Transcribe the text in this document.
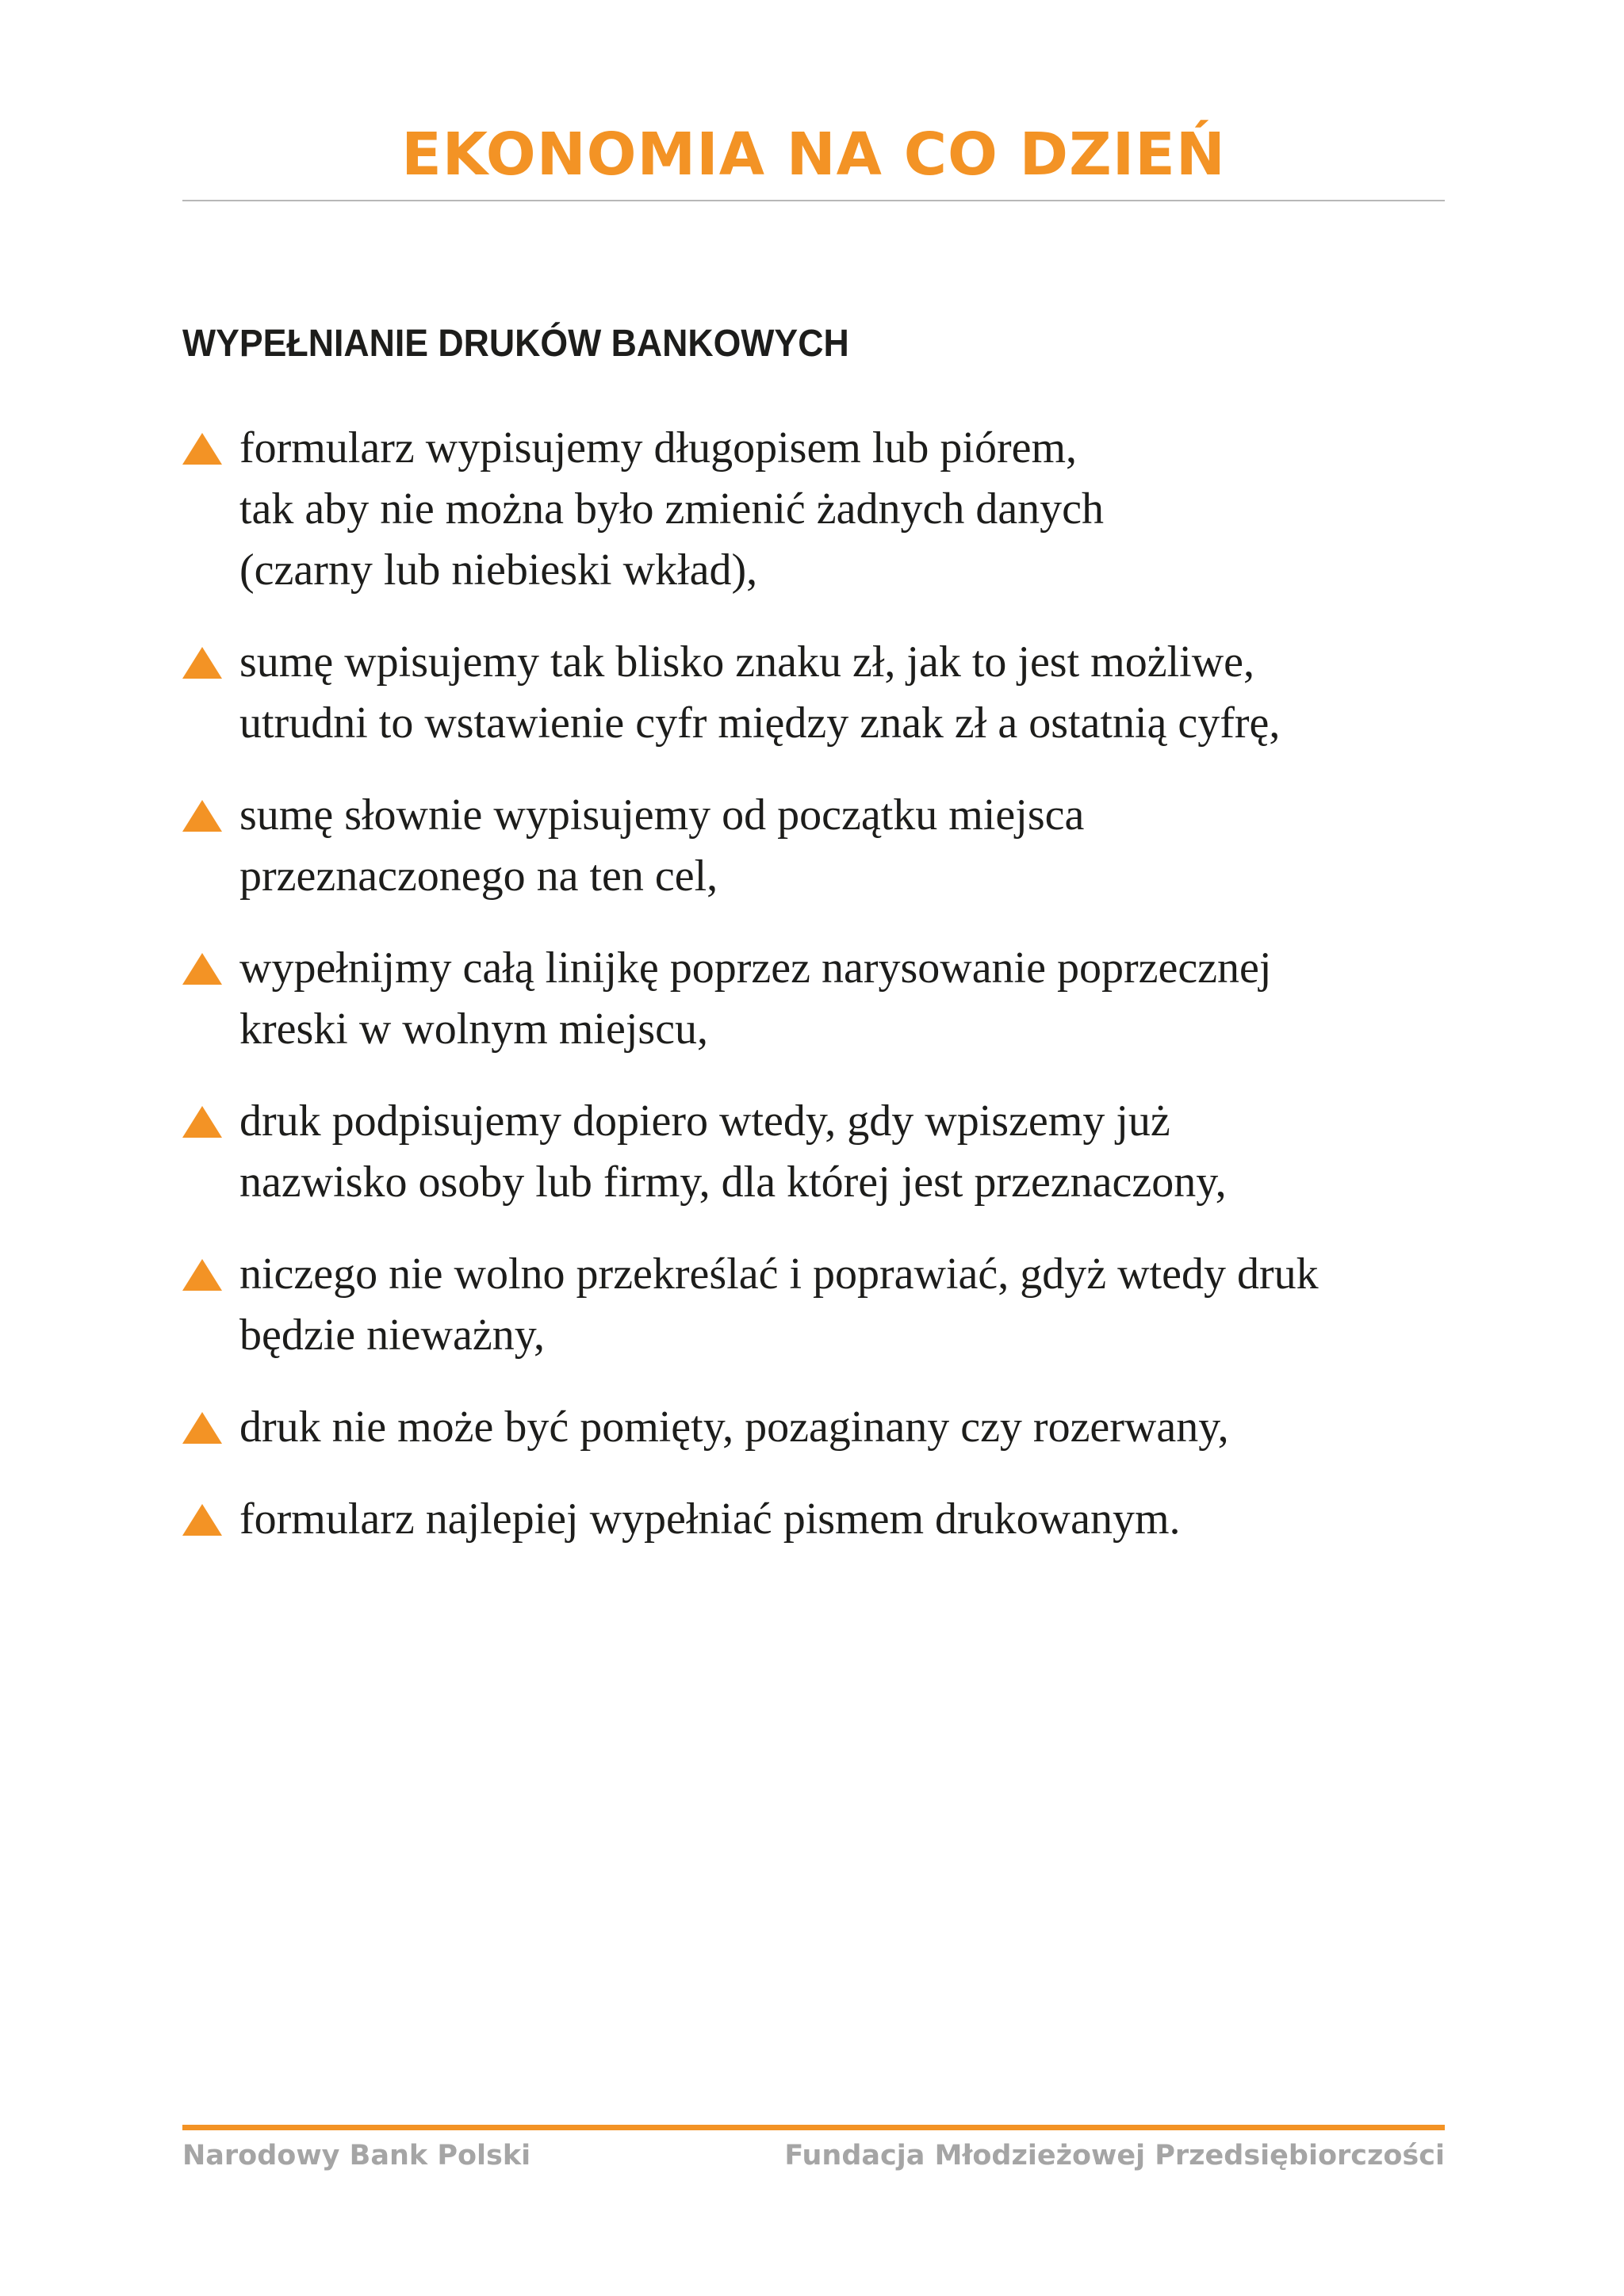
EKONOMIA NA CO DZIEŃ
WYPEŁNIANIE DRUKÓW BANKOWYCH
formularz wypisujemy długopisem lub piórem,
tak aby nie można było zmienić żadnych danych
(czarny lub niebieski wkład),
sumę wpisujemy tak blisko znaku zł, jak to jest możliwe,
utrudni to wstawienie cyfr między znak zł a ostatnią cyfrę,
sumę słownie wypisujemy od początku miejsca
przeznaczonego na ten cel,
wypełnijmy całą linijkę poprzez narysowanie poprzecznej
kreski w wolnym miejscu,
druk podpisujemy dopiero wtedy, gdy wpiszemy już
nazwisko osoby lub firmy, dla której jest przeznaczony,
niczego nie wolno przekreślać i poprawiać, gdyż wtedy druk
będzie nieważny,
druk nie może być pomięty, pozaginany czy rozerwany,
formularz najlepiej wypełniać pismem drukowanym.
Narodowy Bank Polski	Fundacja Młodzieżowej Przedsiębiorczości
